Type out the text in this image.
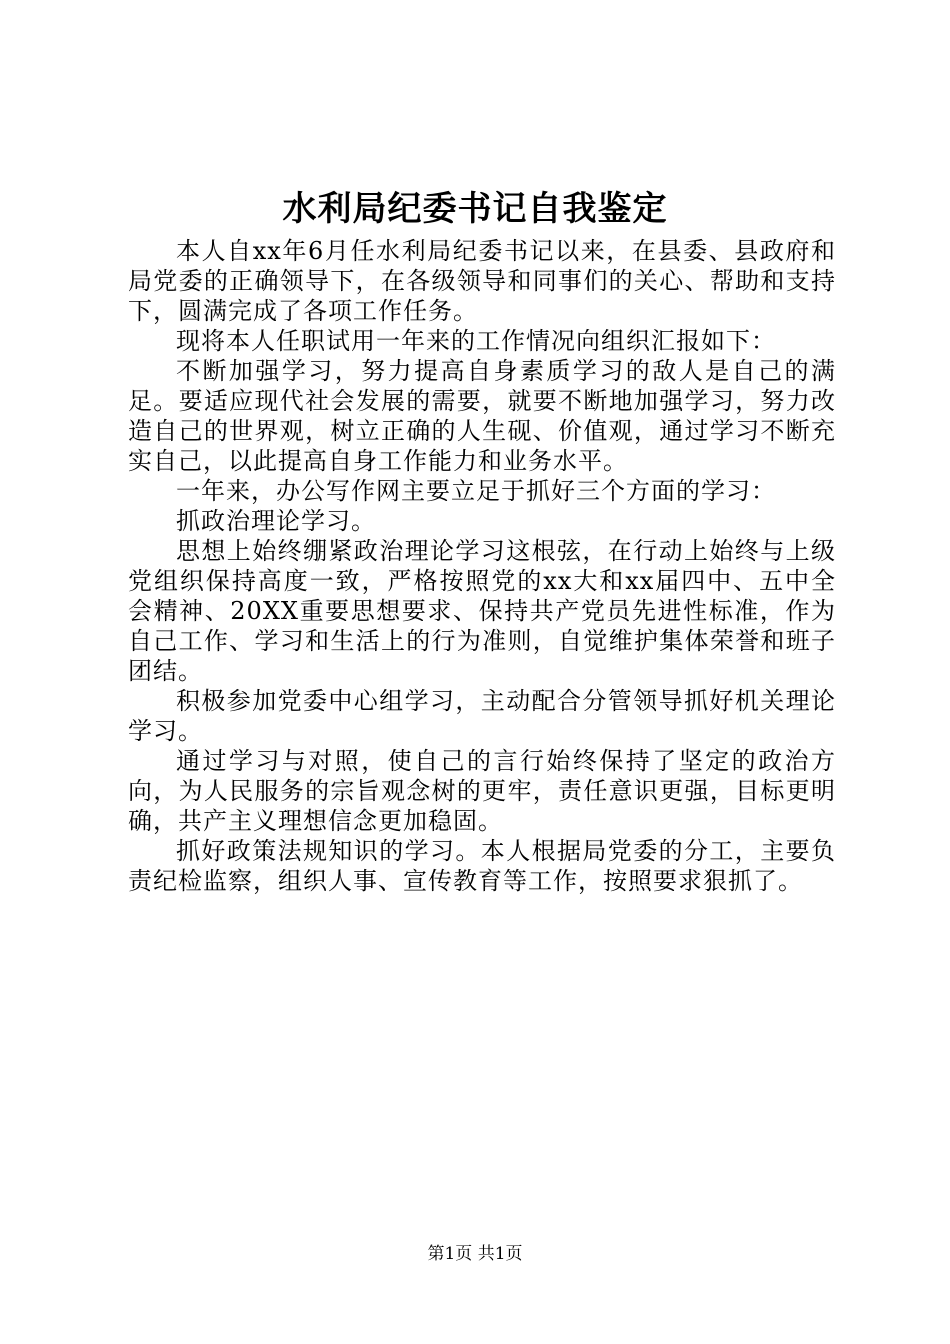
水利局纪委书记自我鉴定

本人自xx年6月任水利局纪委书记以来，在县委、县政府和局党委的正确领导下，在各级领导和同事们的关心、帮助和支持下，圆满完成了各项工作任务。

现将本人任职试用一年来的工作情况向组织汇报如下：

不断加强学习，努力提高自身素质学习的敌人是自己的满足。要适应现代社会发展的需要，就要不断地加强学习，努力改造自己的世界观，树立正确的人生砚、价值观，通过学习不断充实自己，以此提高自身工作能力和业务水平。

一年来，办公写作网主要立足于抓好三个方面的学习：

抓政治理论学习。

思想上始终绷紧政治理论学习这根弦，在行动上始终与上级党组织保持高度一致，严格按照党的xx大和xx届四中、五中全会精神、20XX重要思想要求、保持共产党员先进性标准，作为自己工作、学习和生活上的行为准则，自觉维护集体荣誉和班子团结。

积极参加党委中心组学习，主动配合分管领导抓好机关理论学习。

通过学习与对照，使自己的言行始终保持了坚定的政治方向，为人民服务的宗旨观念树的更牢，责任意识更强，目标更明确，共产主义理想信念更加稳固。

抓好政策法规知识的学习。本人根据局党委的分工，主要负责纪检监察，组织人事、宣传教育等工作，按照要求狠抓了。

第1页 共1页
